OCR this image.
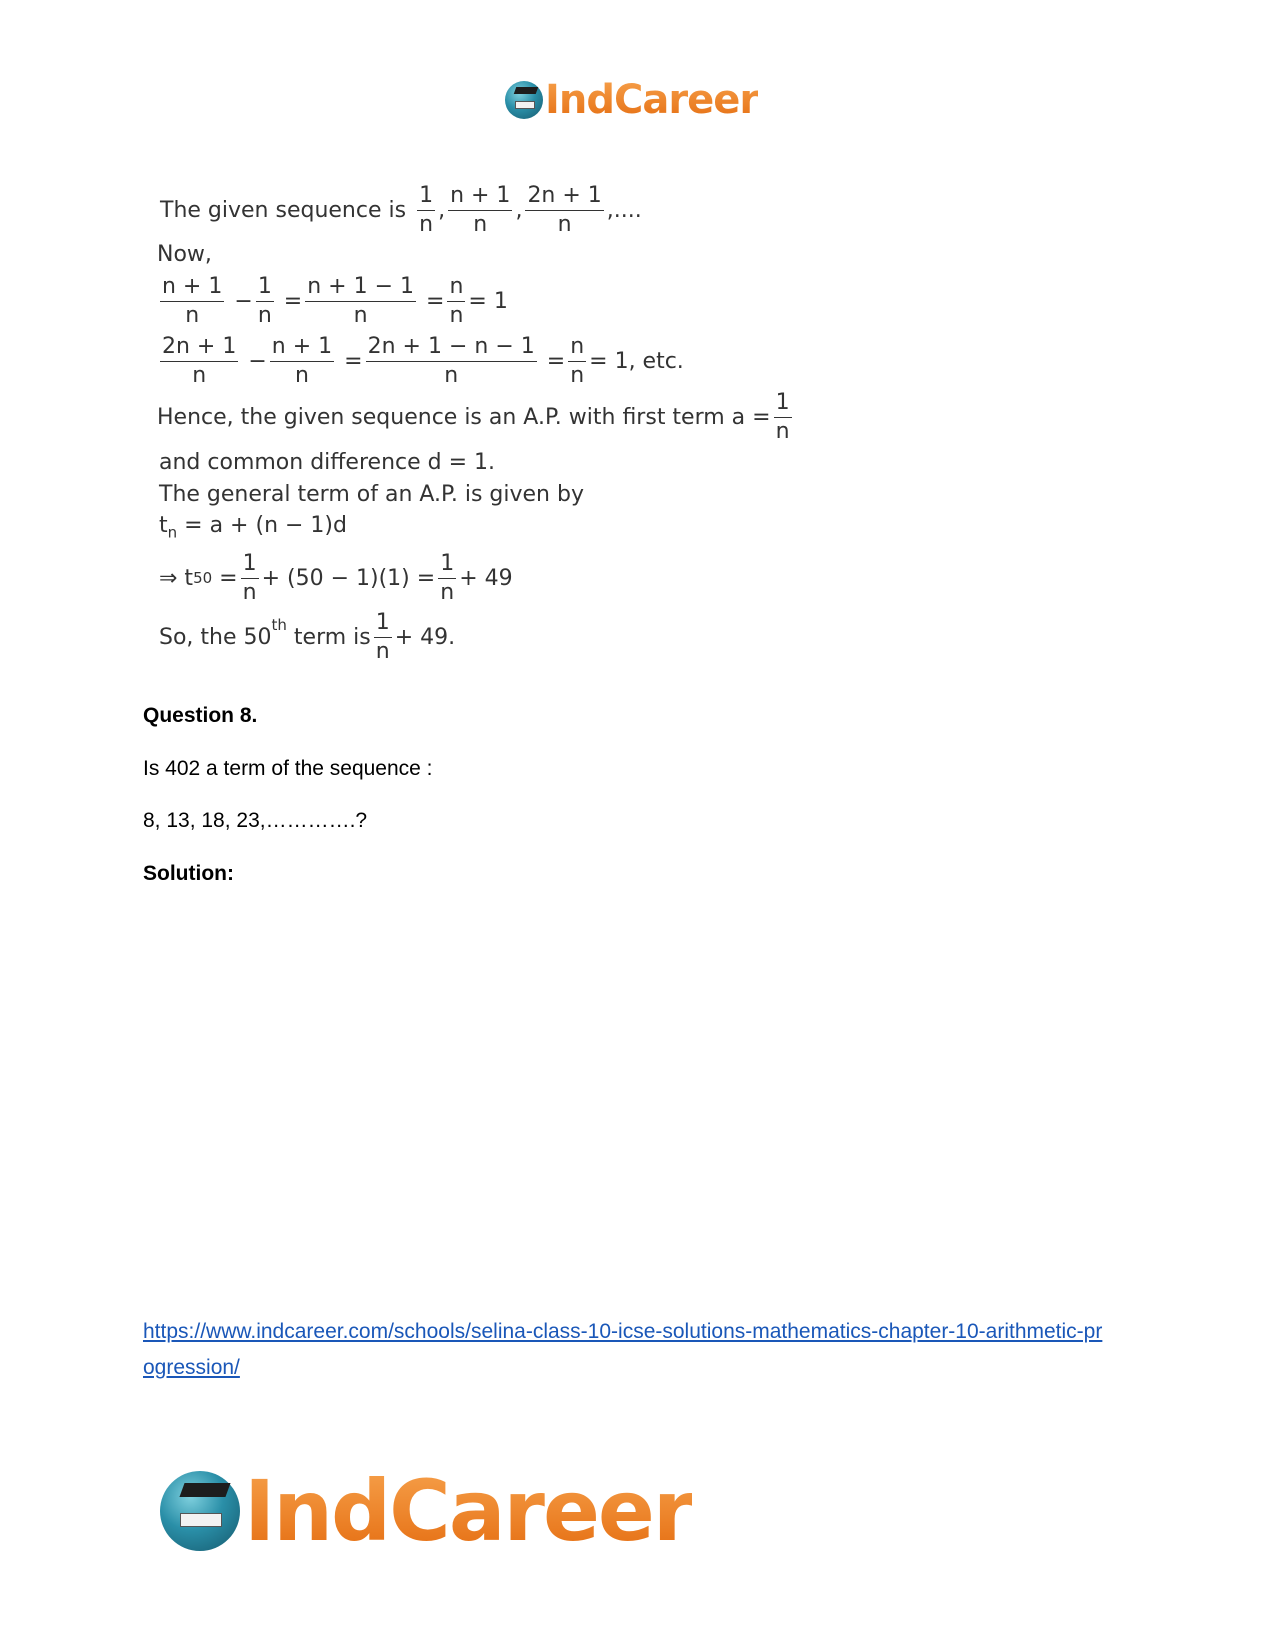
IndCareer
The given sequence is $\frac{1}{n}$ , $\frac{n + 1}{n}$ , $\frac{2n + 1}{n}$ ,....
Now,
$\frac{n + 1}{n} - \frac{1}{n} = \frac{n + 1 - 1}{n} = \frac{n}{n} = 1$
$\frac{2n + 1}{n} - \frac{n + 1}{n} = \frac{2n + 1 - n - 1}{n} = \frac{n}{n} = 1$, etc.
Hence, the given sequence is an A.P. with first term $a = \frac{1}{n}$
and common difference d = 1.
The general term of an A.P. is given by
$t_n = a + (n - 1)d$
⇒ t $50 = \frac{1}{n} + (50 - 1)(1) = \frac{1}{n} + 49$
So, the 50th
term is $\frac{1}{n} + 49$.
Question 8.
Is 402 a term of the sequence :
8, 13, 18, 23,………….?
Solution:
https://www.indcareer.com/schools/selina-class-10-icse-solutions-mathematics-chapter-10-arithmetic-progression/
IndCareer
